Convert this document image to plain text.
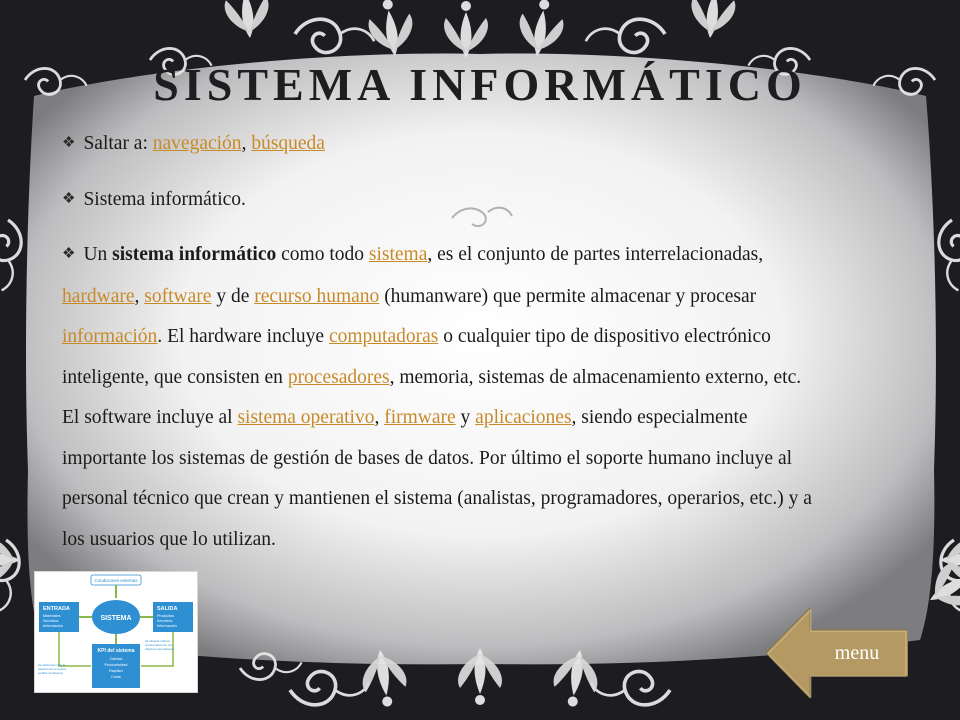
SISTEMA INFORMÁTICO

❖ Saltar a: navegación, búsqueda

❖ Sistema informático.

❖ Un sistema informático como todo sistema, es el conjunto de partes interrelacionadas, hardware, software y de recurso humano (humanware) que permite almacenar y procesar información. El hardware incluye computadoras o cualquier tipo de dispositivo electrónico inteligente, que consisten en procesadores, memoria, sistemas de almacenamiento externo, etc. El software incluye al sistema operativo, firmware y aplicaciones, siendo especialmente importante los sistemas de gestión de bases de datos. Por último el soporte humano incluye al personal técnico que crean y mantienen el sistema (analistas, programadores, operarios, etc.) y a los usuarios que lo utilizan.

Condiciones externas
SISTEMA
ENTRADA
Materiales
Servicios
Información
SALIDA
Productos
Servicios
Información
KPI del sistema
Calidad
Productividad
Rapidez
Coste
(la eficiencia mide la
relación de la mejora
posible al sistema)
(la eficacia mide la
conformidad con los
objetivos del sistema)	menu
